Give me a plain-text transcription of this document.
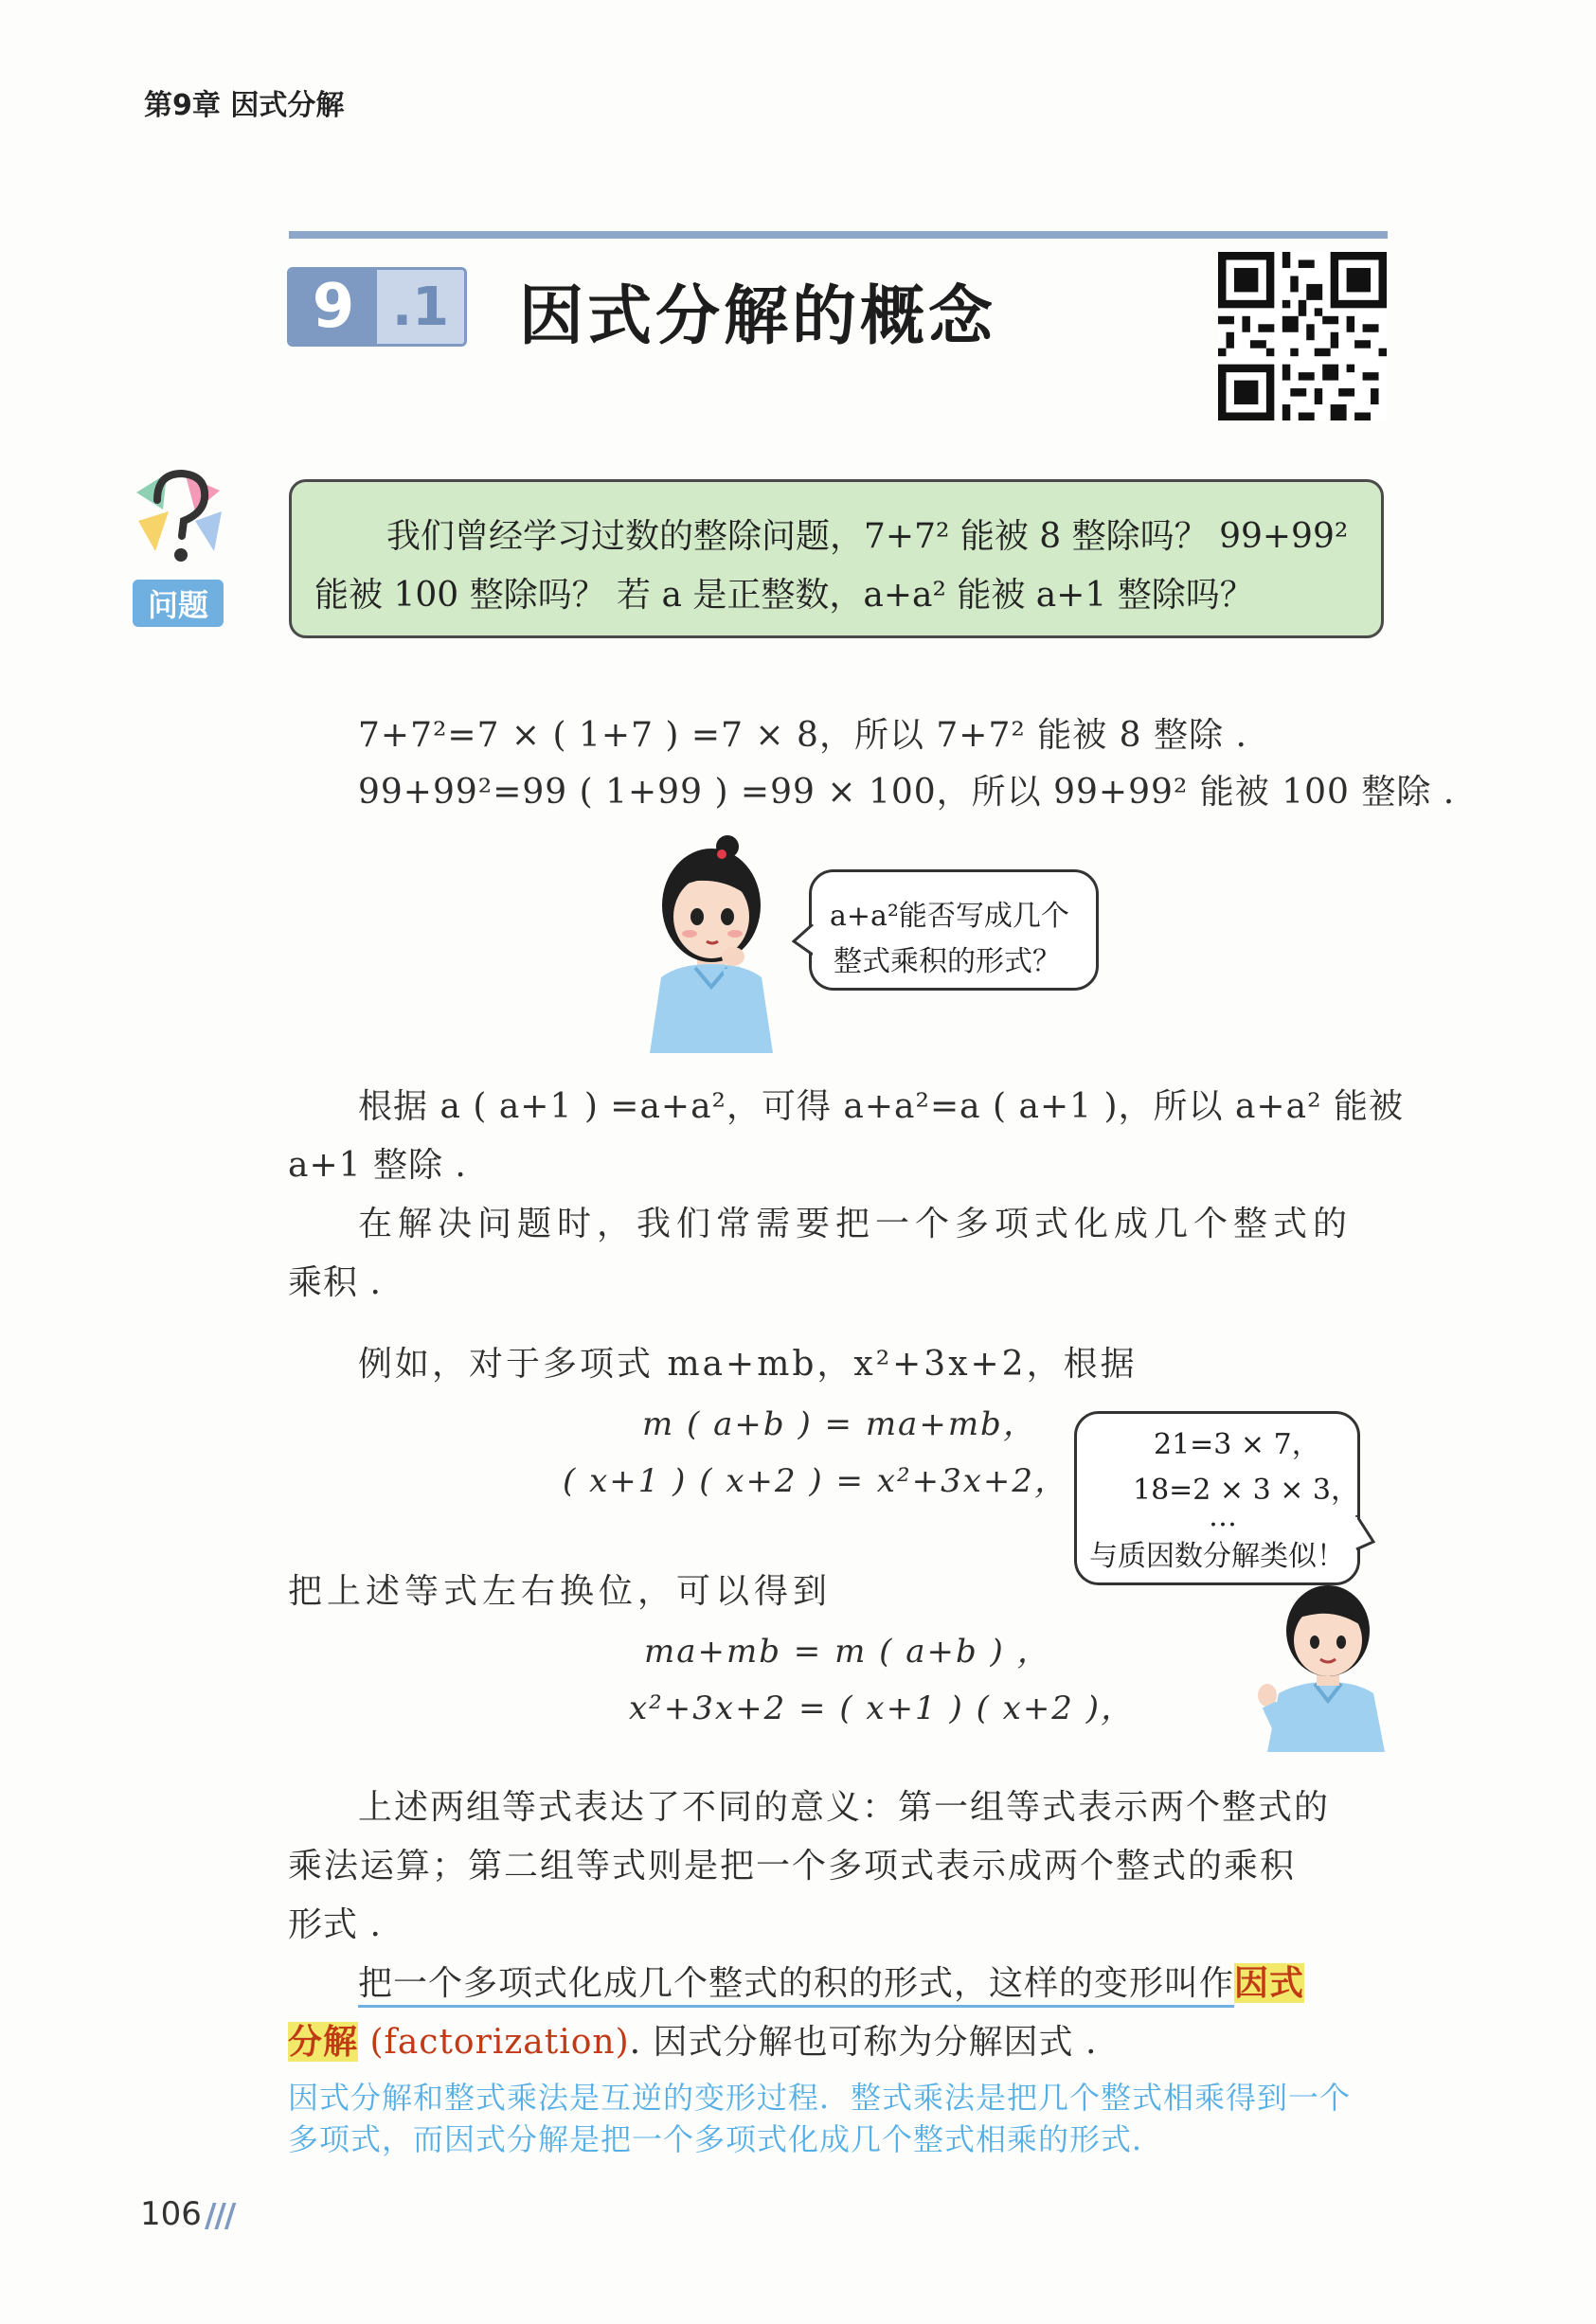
第9章 因式分解
9 .1 因式分解的概念
问题
我们曾经学习过数的整除问题，7+7² 能被 8 整除吗？ 99+99²
能被 100 整除吗？ 若 a 是正整数，a+a² 能被 a+1 整除吗？
7+7²=7 × ( 1+7 ) =7 × 8，所以 7+7² 能被 8 整除 .
99+99²=99 ( 1+99 ) =99 × 100，所以 99+99² 能被 100 整除 .
a+a²能否写成几个
整式乘积的形式？
根据 a ( a+1 ) =a+a²，可得 a+a²=a ( a+1 )，所以 a+a² 能被
a+1 整除 .
在解决问题时，我们常需要把一个多项式化成几个整式的
乘积 .
例如，对于多项式 ma+mb，x²+3x+2，根据
m ( a+b ) = ma+mb，
( x+1 ) ( x+2 ) = x²+3x+2，
21=3 × 7，
18=2 × 3 × 3，
…
与质因数分解类似！
把上述等式左右换位，可以得到
ma+mb = m ( a+b ) ，
x²+3x+2 = ( x+1 ) ( x+2 )，
上述两组等式表达了不同的意义：第一组等式表示两个整式的
乘法运算；第二组等式则是把一个多项式表示成两个整式的乘积
形式 .
把一个多项式化成几个整式的积的形式，这样的变形叫作因式
分解 (factorization). 因式分解也可称为分解因式 .
因式分解和整式乘法是互逆的变形过程．整式乘法是把几个整式相乘得到一个
多项式，而因式分解是把一个多项式化成几个整式相乘的形式．
106 ///
